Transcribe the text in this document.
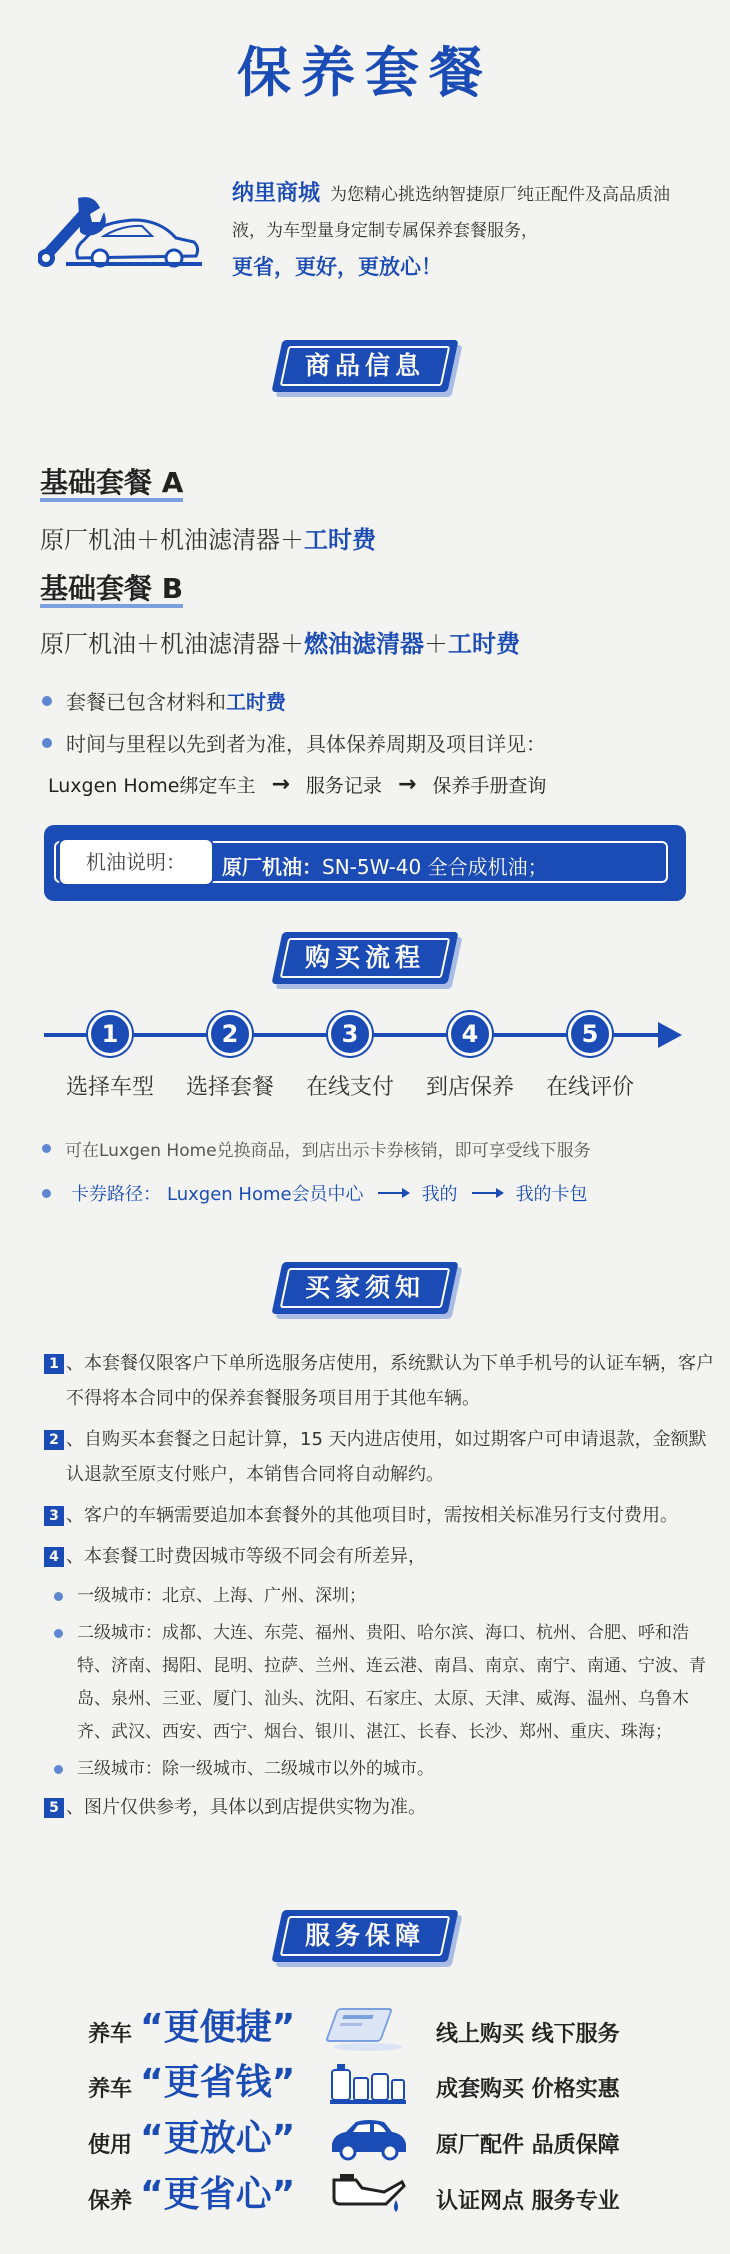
保养套餐
纳里商城 为您精心挑选纳智捷原厂纯正配件及高品质油液，为车型量身定制专属保养套餐服务，
更省，更好，更放心！
商品信息
基础套餐 A
原厂机油＋机油滤清器＋工时费
基础套餐 B
原厂机油＋机油滤清器＋燃油滤清器＋工时费
套餐已包含材料和 工时费
时间与里程以先到者为准，具体保养周期及项目详见：
Luxgen Home绑定车主 → 服务记录 → 保养手册查询
机油说明：	原厂机油：SN-5W-40 全合成机油；
购买流程
1
选择车型
2
选择套餐
3
在线支付
4
到店保养
5
在线评价
可在Luxgen Home兑换商品，到店出示卡券核销，即可享受线下服务
卡券路径： Luxgen Home会员中心	我的	我的卡包
买家须知
1 、本套餐仅限客户下单所选服务店使用，系统默认为下单手机号的认证车辆，客户不得将本合同中的保养套餐服务项目用于其他车辆。
2 、自购买本套餐之日起计算，15 天内进店使用，如过期客户可申请退款，金额默认退款至原支付账户，本销售合同将自动解约。
3 、客户的车辆需要追加本套餐外的其他项目时，需按相关标准另行支付费用。
4 、本套餐工时费因城市等级不同会有所差异，
一级城市：北京、上海、广州、深圳；
二级城市：成都、大连、东莞、福州、贵阳、哈尔滨、海口、杭州、合肥、呼和浩特、济南、揭阳、昆明、拉萨、兰州、连云港、南昌、南京、南宁、南通、宁波、青岛、泉州、三亚、厦门、汕头、沈阳、石家庄、太原、天津、威海、温州、乌鲁木齐、武汉、西安、西宁、烟台、银川、湛江、长春、长沙、郑州、重庆、珠海；
三级城市：除一级城市、二级城市以外的城市。
5 、图片仅供参考，具体以到店提供实物为准。
服务保障
养车 “更便捷”	线上购买 线下服务
养车 “更省钱”	成套购买 价格实惠
使用 “更放心”	原厂配件 品质保障
保养 “更省心”	认证网点 服务专业
